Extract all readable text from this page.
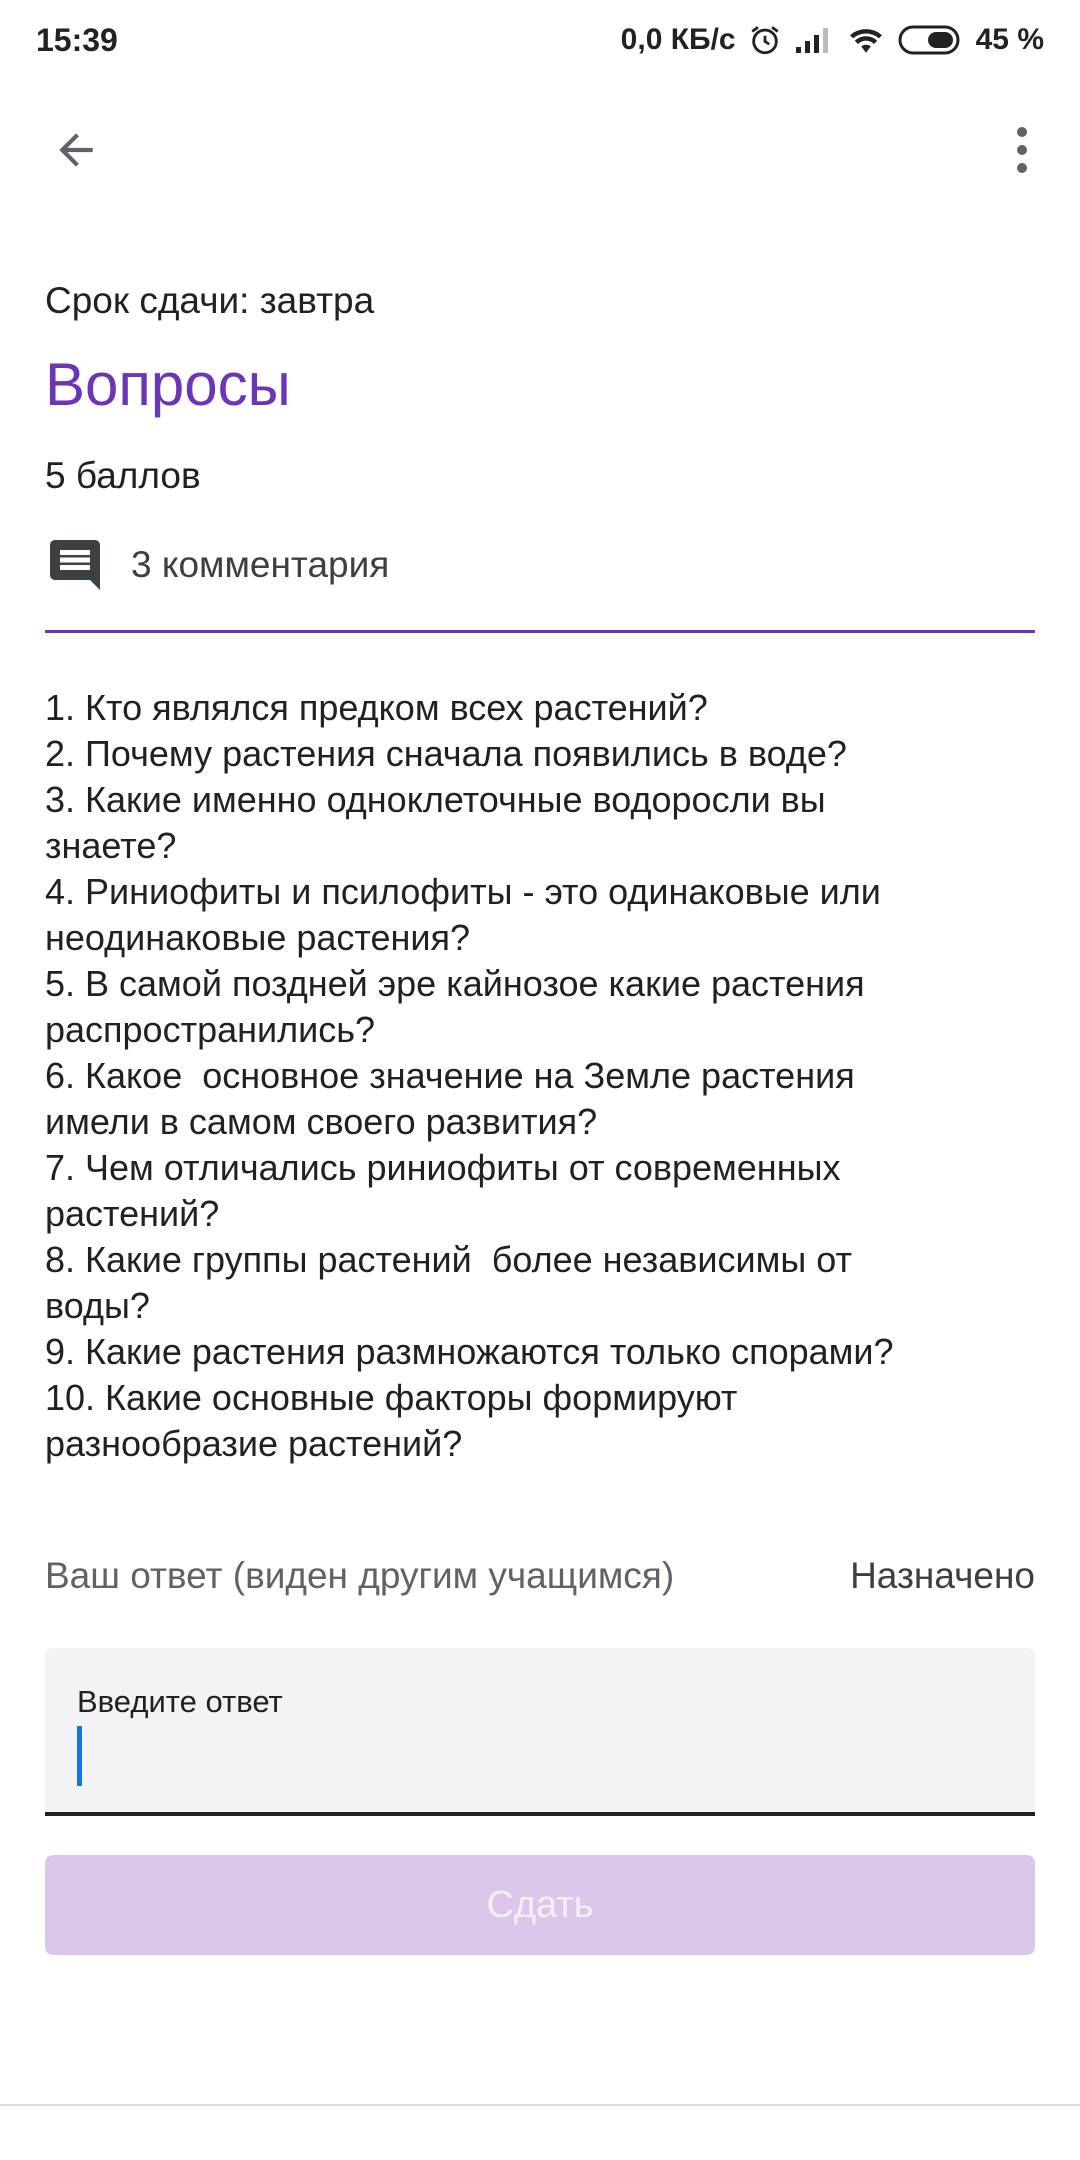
15:39	0,0 КБ/с	45 %
Срок сдачи: завтра
Вопросы
5 баллов
3 комментария
1. Кто являлся предком всех растений?
2. Почему растения сначала появились в воде?
3. Какие именно одноклеточные водоросли вы
знаете?
4. Риниофиты и псилофиты - это одинаковые или
неодинаковые растения?
5. В самой поздней эре кайнозое какие растения
распространились?
6. Какое  основное значение на Земле растения
имели в самом своего развития?
7. Чем отличались риниофиты от современных
растений?
8. Какие группы растений  более независимы от
воды?
9. Какие растения размножаются только спорами?
10. Какие основные факторы формируют
разнообразие растений?
Ваш ответ (виден другим учащимся)	Назначено
Введите ответ
Сдать
